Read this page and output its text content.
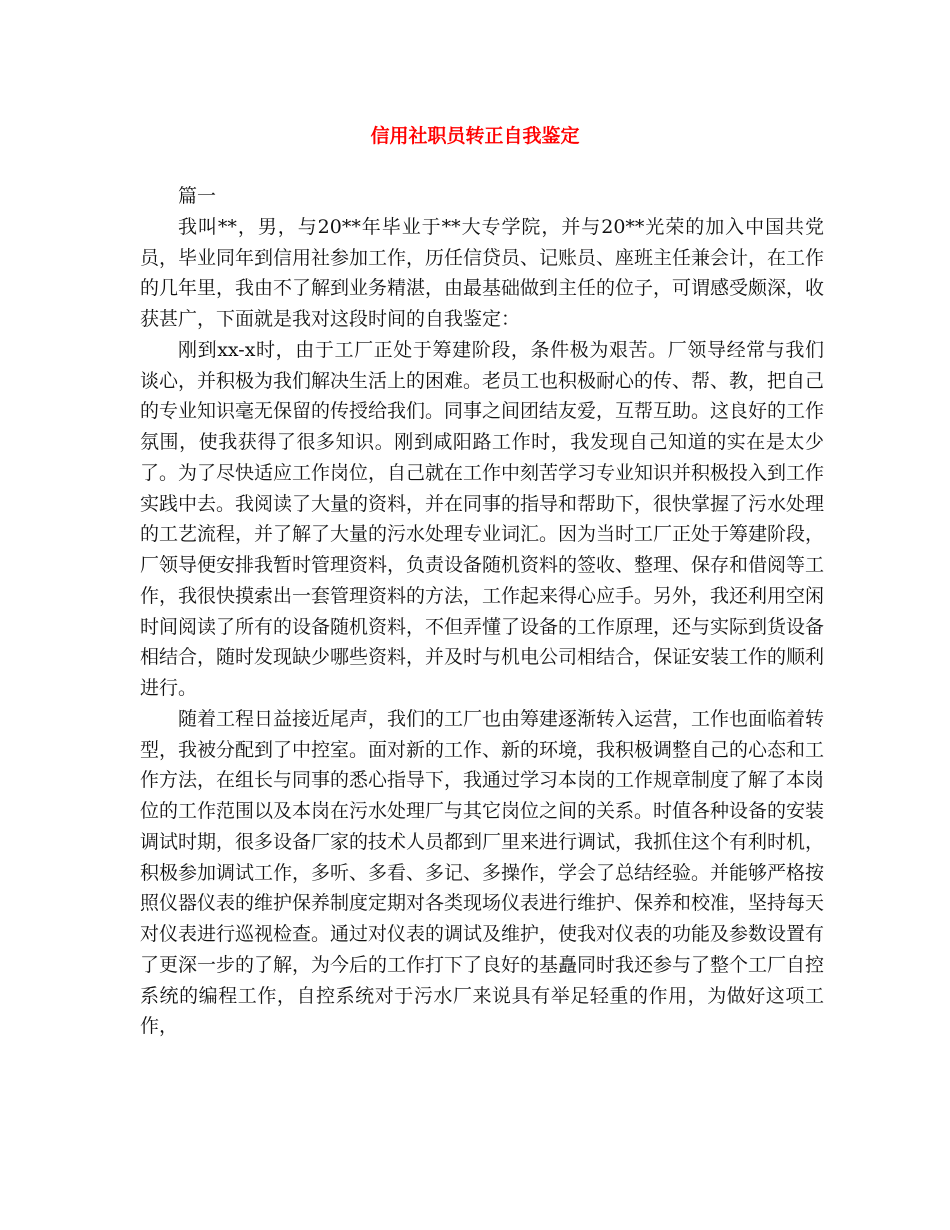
信用社职员转正自我鉴定

篇一

我叫**，男，与20**年毕业于**大专学院，并与20**光荣的加入中国共党员，毕业同年到信用社参加工作，历任信贷员、记账员、座班主任兼会计，在工作的几年里，我由不了解到业务精湛，由最基础做到主任的位子，可谓感受颇深，收获甚广，下面就是我对这段时间的自我鉴定：

刚到xx-x时，由于工厂正处于筹建阶段，条件极为艰苦。厂领导经常与我们谈心，并积极为我们解决生活上的困难。老员工也积极耐心的传、帮、教，把自己的专业知识毫无保留的传授给我们。同事之间团结友爱，互帮互助。这良好的工作氛围，使我获得了很多知识。刚到咸阳路工作时，我发现自己知道的实在是太少了。为了尽快适应工作岗位，自己就在工作中刻苦学习专业知识并积极投入到工作实践中去。我阅读了大量的资料，并在同事的指导和帮助下，很快掌握了污水处理的工艺流程，并了解了大量的污水处理专业词汇。因为当时工厂正处于筹建阶段，厂领导便安排我暂时管理资料，负责设备随机资料的签收、整理、保存和借阅等工作，我很快摸索出一套管理资料的方法，工作起来得心应手。另外，我还利用空闲时间阅读了所有的设备随机资料，不但弄懂了设备的工作原理，还与实际到货设备相结合，随时发现缺少哪些资料，并及时与机电公司相结合，保证安装工作的顺利进行。

随着工程日益接近尾声，我们的工厂也由筹建逐渐转入运营，工作也面临着转型，我被分配到了中控室。面对新的工作、新的环境，我积极调整自己的心态和工作方法，在组长与同事的悉心指导下，我通过学习本岗的工作规章制度了解了本岗位的工作范围以及本岗在污水处理厂与其它岗位之间的关系。时值各种设备的安装调试时期，很多设备厂家的技术人员都到厂里来进行调试，我抓住这个有利时机，积极参加调试工作，多听、多看、多记、多操作，学会了总结经验。并能够严格按照仪器仪表的维护保养制度定期对各类现场仪表进行维护、保养和校准，坚持每天对仪表进行巡视检查。通过对仪表的调试及维护，使我对仪表的功能及参数设置有了更深一步的了解，为今后的工作打下了良好的基矗同时我还参与了整个工厂自控系统的编程工作，自控系统对于污水厂来说具有举足轻重的作用，为做好这项工作，
